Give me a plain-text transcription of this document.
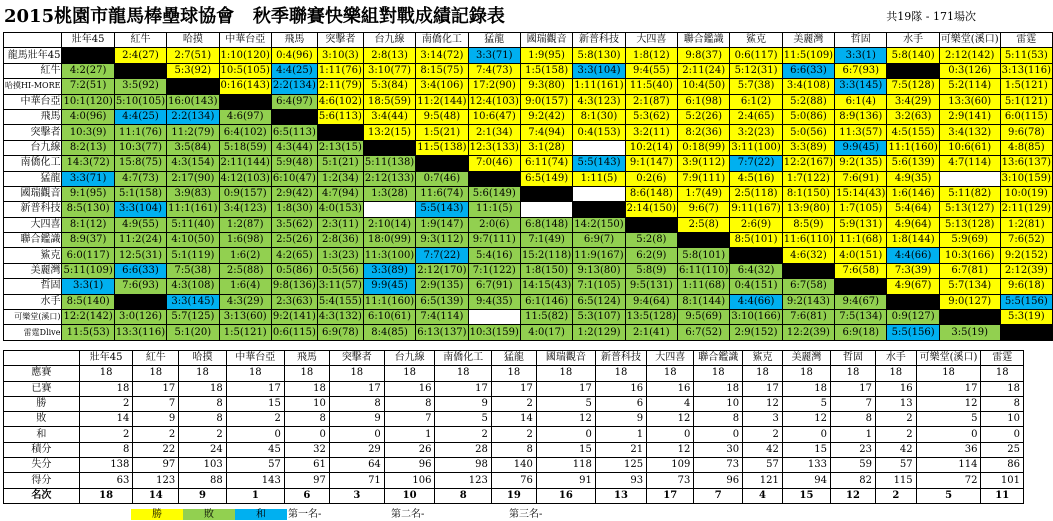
2015桃園市龍馬棒壘球協會   秋季聯賽快樂組對戰成績記錄表	共19隊 - 171場次
	壯年45	紅牛	哈摸	中華台亞	飛馬	突擊者	台九線	南僑化工	猛龍	國瑞觀音	新普科技	大四喜	聯合鑑識	鯊克	美麗灣	哲固	水手	可樂堂(溪口)	雷霆
龍馬壯年45		2:4(27)	2:7(51)	1:10(120)	0:4(96)	3:10(3)	2:8(13)	3:14(72)	3:3(71)	1:9(95)	5:8(130)	1:8(12)	9:8(37)	0:6(117)	11:5(109)	3:3(1)	5:8(140)	2:12(142)	5:11(53)
紅牛	4:2(27)		5:3(92)	10:5(105)	4:4(25)	1:11(76)	3:10(77)	8:15(75)	7:4(73)	1:5(158)	3:3(104)	9:4(55)	2:11(24)	5:12(31)	6:6(33)	6:7(93)		0:3(126)	3:13(116)
哈摸HI-MORE	7:2(51)	3:5(92)		0:16(143)	2:2(134)	2:11(79)	5:3(84)	3:4(106)	17:2(90)	9:3(80)	1:11(161)	11:5(40)	10:4(50)	5:7(38)	3:4(108)	3:3(145)	7:5(128)	5:2(114)	1:5(121)
中華台亞	10:1(120)	5:10(105)	16:0(143)		6:4(97)	4:6(102)	18:5(59)	11:2(144)	12:4(103)	9:0(157)	4:3(123)	2:1(87)	6:1(98)	6:1(2)	5:2(88)	6:1(4)	3:4(29)	13:3(60)	5:1(121)
飛馬	4:0(96)	4:4(25)	2:2(134)	4:6(97)		5:6(113)	3:4(44)	9:5(48)	10:6(47)	9:2(42)	8:1(30)	5:3(62)	5:2(26)	2:4(65)	5:0(86)	8:9(136)	3:2(63)	2:9(141)	6:0(115)
突擊者	10:3(9)	11:1(76)	11:2(79)	6:4(102)	6:5(113)		13:2(15)	1:5(21)	2:1(34)	7:4(94)	0:4(153)	3:2(11)	8:2(36)	3:2(23)	5:0(56)	11:3(57)	4:5(155)	3:4(132)	9:6(78)
台九線	8:2(13)	10:3(77)	3:5(84)	5:18(59)	4:3(44)	2:13(15)		11:5(138)	12:3(133)	3:1(28)		10:2(14)	0:18(99)	3:11(100)	3:3(89)	9:9(45)	11:1(160)	10:6(61)	4:8(85)
南僑化工	14:3(72)	15:8(75)	4:3(154)	2:11(144)	5:9(48)	5:1(21)	5:11(138)		7:0(46)	6:11(74)	5:5(143)	9:1(147)	3:9(112)	7:7(22)	12:2(167)	9:2(135)	5:6(139)	4:7(114)	13:6(137)
猛龍	3:3(71)	4:7(73)	2:17(90)	4:12(103)	6:10(47)	1:2(34)	2:12(133)	0:7(46)		6:5(149)	1:11(5)	0:2(6)	7:9(111)	4:5(16)	1:7(122)	7:6(91)	4:9(35)		3:10(159)
國瑞觀音	9:1(95)	5:1(158)	3:9(83)	0:9(157)	2:9(42)	4:7(94)	1:3(28)	11:6(74)	5:6(149)			8:6(148)	1:7(49)	2:5(118)	8:1(150)	15:14(43)	1:6(146)	5:11(82)	10:0(19)
新普科技	8:5(130)	3:3(104)	11:1(161)	3:4(123)	1:8(30)	4:0(153)		5:5(143)	11:1(5)			2:14(150)	9:6(7)	9:11(167)	13:9(80)	1:7(105)	5:4(64)	5:13(127)	2:11(129)
大四喜	8:1(12)	4:9(55)	5:11(40)	1:2(87)	3:5(62)	2:3(11)	2:10(14)	1:9(147)	2:0(6)	6:8(148)	14:2(150)		2:5(8)	2:6(9)	8:5(9)	5:9(131)	4:9(64)	5:13(128)	1:2(81)
聯合鑑識	8:9(37)	11:2(24)	4:10(50)	1:6(98)	2:5(26)	2:8(36)	18:0(99)	9:3(112)	9:7(111)	7:1(49)	6:9(7)	5:2(8)		8:5(101)	11:6(110)	11:1(68)	1:8(144)	5:9(69)	7:6(52)
鯊克	6:0(117)	12:5(31)	5:1(119)	1:6(2)	4:2(65)	1:3(23)	11:3(100)	7:7(22)	5:4(16)	15:2(118)	11:9(167)	6:2(9)	5:8(101)		4:6(32)	4:0(151)	4:4(66)	10:3(166)	9:2(152)
美麗灣	5:11(109)	6:6(33)	7:5(38)	2:5(88)	0:5(86)	0:5(56)	3:3(89)	2:12(170)	7:1(122)	1:8(150)	9:13(80)	5:8(9)	6:11(110)	6:4(32)		7:6(58)	7:3(39)	6:7(81)	2:12(39)
哲固	3:3(1)	7:6(93)	4:3(108)	1:6(4)	9:8(136)	3:11(57)	9:9(45)	2:9(135)	6:7(91)	14:15(43)	7:1(105)	9:5(131)	1:11(68)	0:4(151)	6:7(58)		4:9(67)	5:7(134)	9:6(18)
水手	8:5(140)		3:3(145)	4:3(29)	2:3(63)	5:4(155)	11:1(160)	6:5(139)	9:4(35)	6:1(146)	6:5(124)	9:4(64)	8:1(144)	4:4(66)	9:2(143)	9:4(67)		9:0(127)	5:5(156)
可樂堂(溪口)	12:2(142)	3:0(126)	5:7(125)	3:13(60)	9:2(141)	4:3(132)	6:10(61)	7:4(114)		11:5(82)	5:3(107)	13:5(128)	9:5(69)	3:10(166)	7:6(81)	7:5(134)	0:9(127)		5:3(19)
雷霆Dlive	11:5(53)	13:3(116)	5:1(20)	1:5(121)	0:6(115)	6:9(78)	8:4(85)	6:13(137)	10:3(159)	4:0(17)	1:2(129)	2:1(41)	6:7(52)	2:9(152)	12:2(39)	6:9(18)	5:5(156)	3:5(19)	
	壯年45	紅牛	哈摸	中華台亞	飛馬	突擊者	台九線	南僑化工	猛龍	國瑞觀音	新普科技	大四喜	聯合鑑識	鯊克	美麗灣	哲固	水手	可樂堂(溪口)	雷霆
應賽	18	18	18	18	18	18	18	18	18	18	18	18	18	18	18	18	18	18	18
已賽	18	17	18	17	18	17	16	17	17	17	16	16	18	17	18	17	16	17	18
勝	2	7	8	15	10	8	8	9	2	5	6	4	10	12	5	7	13	12	8
敗	14	9	8	2	8	9	7	5	14	12	9	12	8	3	12	8	2	5	10
和	2	2	2	0	0	0	1	2	2	0	1	0	0	2	0	1	2	0	0
積分	8	22	24	45	32	29	26	28	8	15	21	12	30	42	15	23	42	36	25
失分	138	97	103	57	61	64	96	98	140	118	125	109	73	57	133	59	57	114	86
得分	63	123	88	143	97	71	106	123	76	91	93	73	96	121	94	82	115	72	101
名次	18	14	9	1	6	3	10	8	19	16	13	17	7	4	15	12	2	5	11
勝	敗	和	第一名-	第二名-	第三名-
